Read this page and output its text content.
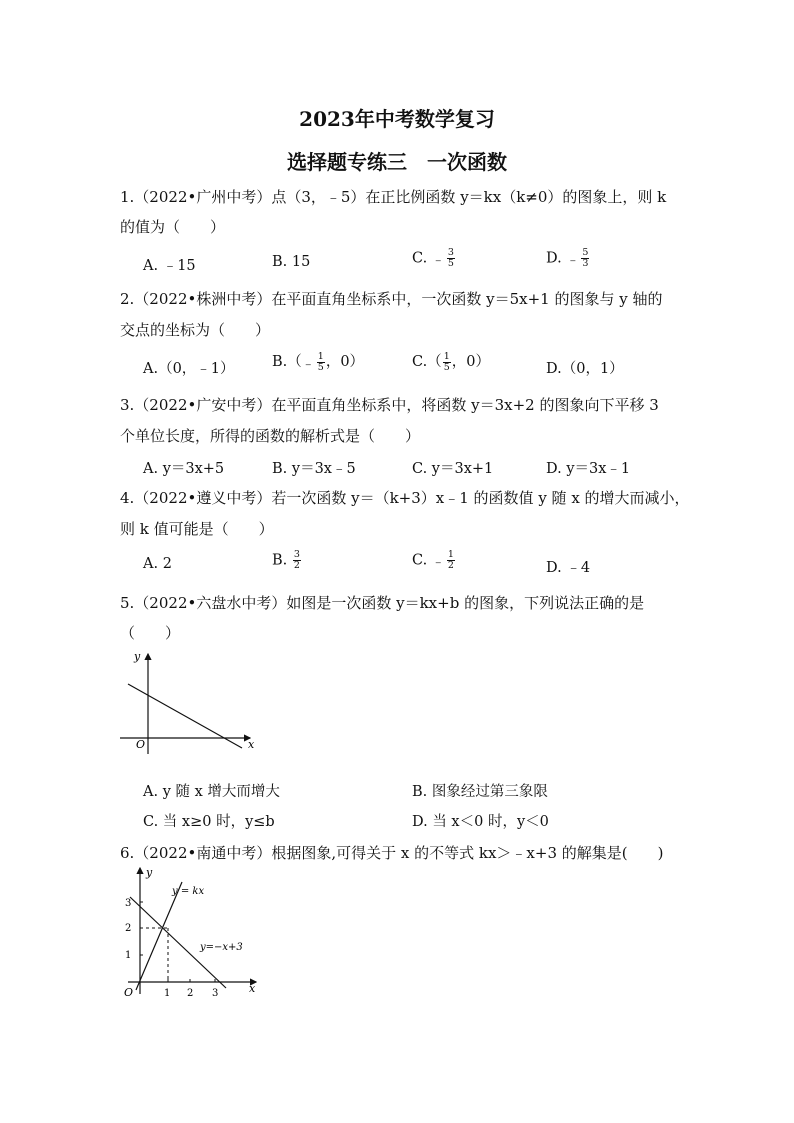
2023年中考数学复习
选择题专练三　一次函数
1.（2022•广州中考）点（3，﹣5）在正比例函数 y＝kx（k≠0）的图象上，则 k
的值为（　　）
A. ﹣15	B. 15	C. ﹣ $\frac{3}{5}$	D. ﹣ $\frac{5}{3}$
2.（2022•株洲中考）在平面直角坐标系中，一次函数 y＝5x+1 的图象与 y 轴的
交点的坐标为（　　）
A.（0，﹣1）	B.（﹣ $\frac{1}{5}$ ，0）	$C.( \frac{1}{5}$ ，0）	D.（0，1）
3.（2022•广安中考）在平面直角坐标系中，将函数 y＝3x+2 的图象向下平移 3
个单位长度，所得的函数的解析式是（　　）
A. y＝3x+5	B. y＝3x﹣5	C. y＝3x+1	D. y＝3x﹣1
4.（2022•遵义中考）若一次函数 y＝（k+3）x﹣1 的函数值 y 随 x 的增大而减小，
则 k 值可能是（　　）
A. 2	B. $\frac{3}{2}$	C. ﹣ $\frac{1}{2}$	D. ﹣4
5.（2022•六盘水中考）如图是一次函数 y＝kx+b 的图象，下列说法正确的是
（　　）
y
x
O
A. y 随 x 增大而增大	B. 图象经过第三象限
C. 当 x≥0 时，y≤b	D. 当 x＜0 时，y＜0
6.（2022•南通中考）根据图象,可得关于 x 的不等式 kx＞﹣x+3 的解集是(　　)
y
x
O
y = kx
y=−x+3
1 2 3
1
2
3
